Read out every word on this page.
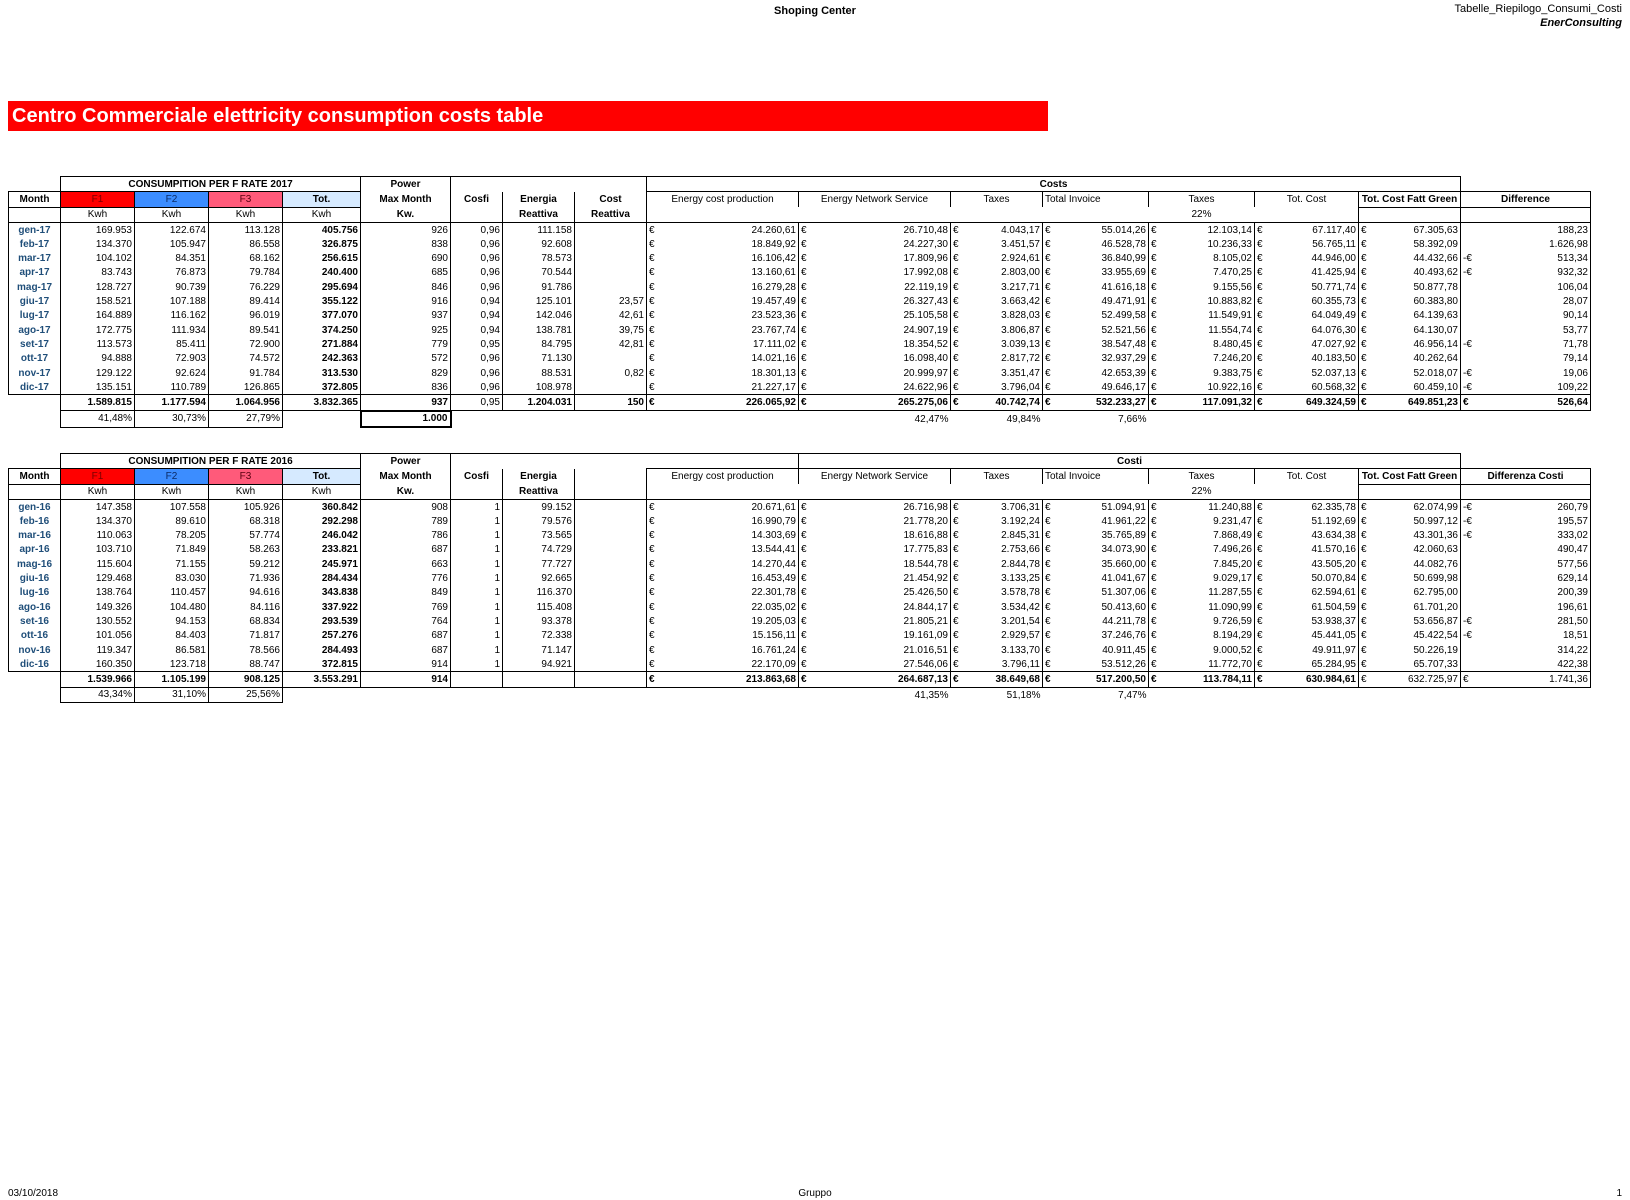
Shoping Center	Tabelle_Riepilogo_Consumi_Costi
EnerConsulting
Centro Commerciale elettricity consumption costs table
	CONSUMPITION PER F RATE 2017				Power				Costs							
Month	F1	F2	F3	Tot.	Max Month	Cosfi	Energia	Cost	Energy cost production	Energy Network Service	Taxes	Total Invoice	Taxes	Tot. Cost	Tot. Cost Fatt Green	Difference
	Kwh	Kwh	Kwh	Kwh	Kw.		Reattiva	Reattiva					22%			
gen-17	169.953	122.674	113.128	405.756	926	0,96	111.158		€ 24.260,61	€ 26.710,48	€ 4.043,17	€ 55.014,26	€ 12.103,14	€ 67.117,40	€ 67.305,63	188,23

feb-17	134.370	105.947	86.558	326.875	838	0,96	92.608		€ 18.849,92	€ 24.227,30	€ 3.451,57	€ 46.528,78	€ 10.236,33	€ 56.765,11	€ 58.392,09	1.626,98

mar-17	104.102	84.351	68.162	256.615	690	0,96	78.573		€ 16.106,42	€ 17.809,96	€ 2.924,61	€ 36.840,99	€ 8.105,02	€ 44.946,00	€ 44.432,66	-€ 513,34

apr-17	83.743	76.873	79.784	240.400	685	0,96	70.544		€ 13.160,61	€ 17.992,08	€ 2.803,00	€ 33.955,69	€ 7.470,25	€ 41.425,94	€ 40.493,62	-€ 932,32

mag-17	128.727	90.739	76.229	295.694	846	0,96	91.786		€ 16.279,28	€ 22.119,19	€ 3.217,71	€ 41.616,18	€ 9.155,56	€ 50.771,74	€ 50.877,78	106,04

giu-17	158.521	107.188	89.414	355.122	916	0,94	125.101	23,57	€ 19.457,49	€ 26.327,43	€ 3.663,42	€ 49.471,91	€ 10.883,82	€ 60.355,73	€ 60.383,80	28,07

lug-17	164.889	116.162	96.019	377.070	937	0,94	142.046	42,61	€ 23.523,36	€ 25.105,58	€ 3.828,03	€ 52.499,58	€ 11.549,91	€ 64.049,49	€ 64.139,63	90,14

ago-17	172.775	111.934	89.541	374.250	925	0,94	138.781	39,75	€ 23.767,74	€ 24.907,19	€ 3.806,87	€ 52.521,56	€ 11.554,74	€ 64.076,30	€ 64.130,07	53,77

set-17	113.573	85.411	72.900	271.884	779	0,95	84.795	42,81	€ 17.111,02	€ 18.354,52	€ 3.039,13	€ 38.547,48	€ 8.480,45	€ 47.027,92	€ 46.956,14	-€ 71,78

ott-17	94.888	72.903	74.572	242.363	572	0,96	71.130		€ 14.021,16	€ 16.098,40	€ 2.817,72	€ 32.937,29	€ 7.246,20	€ 40.183,50	€ 40.262,64	79,14

nov-17	129.122	92.624	91.784	313.530	829	0,96	88.531	0,82	€ 18.301,13	€ 20.999,97	€ 3.351,47	€ 42.653,39	€ 9.383,75	€ 52.037,13	€ 52.018,07	-€ 19,06

dic-17	135.151	110.789	126.865	372.805	836	0,96	108.978		€ 21.227,17	€ 24.622,96	€ 3.796,04	€ 49.646,17	€ 10.922,16	€ 60.568,32	€ 60.459,10	-€ 109,22

	1.589.815	1.177.594	1.064.956	3.832.365	937	0,95	1.204.031	150	€ 226.065,92	€ 265.275,06	€ 40.742,74	€ 532.233,27	€ 117.091,32	€ 649.324,59	€ 649.851,23	€ 526,64

	41,48%	30,73%	27,79%		1.000					42,47%	49,84%	7,66%				
	CONSUMPITION PER F RATE 2016				Power					Costi						
Month	F1	F2	F3	Tot.	Max Month	Cosfi	Energia		Energy cost production	Energy Network Service	Taxes	Total Invoice	Taxes	Tot. Cost	Tot. Cost Fatt Green	Differenza Costi
	Kwh	Kwh	Kwh	Kwh	Kw.		Reattiva						22%			
gen-16	147.358	107.558	105.926	360.842	908	1	99.152		€ 20.671,61	€ 26.716,98	€ 3.706,31	€ 51.094,91	€ 11.240,88	€ 62.335,78	€ 62.074,99	-€ 260,79

feb-16	134.370	89.610	68.318	292.298	789	1	79.576		€ 16.990,79	€ 21.778,20	€ 3.192,24	€ 41.961,22	€ 9.231,47	€ 51.192,69	€ 50.997,12	-€ 195,57

mar-16	110.063	78.205	57.774	246.042	786	1	73.565		€ 14.303,69	€ 18.616,88	€ 2.845,31	€ 35.765,89	€ 7.868,49	€ 43.634,38	€ 43.301,36	-€ 333,02

apr-16	103.710	71.849	58.263	233.821	687	1	74.729		€ 13.544,41	€ 17.775,83	€ 2.753,66	€ 34.073,90	€ 7.496,26	€ 41.570,16	€ 42.060,63	490,47

mag-16	115.604	71.155	59.212	245.971	663	1	77.727		€ 14.270,44	€ 18.544,78	€ 2.844,78	€ 35.660,00	€ 7.845,20	€ 43.505,20	€ 44.082,76	577,56

giu-16	129.468	83.030	71.936	284.434	776	1	92.665		€ 16.453,49	€ 21.454,92	€ 3.133,25	€ 41.041,67	€ 9.029,17	€ 50.070,84	€ 50.699,98	629,14

lug-16	138.764	110.457	94.616	343.838	849	1	116.370		€ 22.301,78	€ 25.426,50	€ 3.578,78	€ 51.307,06	€ 11.287,55	€ 62.594,61	€ 62.795,00	200,39

ago-16	149.326	104.480	84.116	337.922	769	1	115.408		€ 22.035,02	€ 24.844,17	€ 3.534,42	€ 50.413,60	€ 11.090,99	€ 61.504,59	€ 61.701,20	196,61

set-16	130.552	94.153	68.834	293.539	764	1	93.378		€ 19.205,03	€ 21.805,21	€ 3.201,54	€ 44.211,78	€ 9.726,59	€ 53.938,37	€ 53.656,87	-€ 281,50

ott-16	101.056	84.403	71.817	257.276	687	1	72.338		€ 15.156,11	€ 19.161,09	€ 2.929,57	€ 37.246,76	€ 8.194,29	€ 45.441,05	€ 45.422,54	-€ 18,51

nov-16	119.347	86.581	78.566	284.493	687	1	71.147		€ 16.761,24	€ 21.016,51	€ 3.133,70	€ 40.911,45	€ 9.000,52	€ 49.911,97	€ 50.226,19	314,22

dic-16	160.350	123.718	88.747	372.815	914	1	94.921		€ 22.170,09	€ 27.546,06	€ 3.796,11	€ 53.512,26	€ 11.772,70	€ 65.284,95	€ 65.707,33	422,38

	1.539.966	1.105.199	908.125	3.553.291	914				€ 213.863,68	€ 264.687,13	€ 38.649,68	€ 517.200,50	€ 113.784,11	€ 630.984,61	€ 632.725,97	€ 1.741,36

	43,34%	31,10%	25,56%							41,35%	51,18%	7,47%				
03/10/2018	Gruppo	1
